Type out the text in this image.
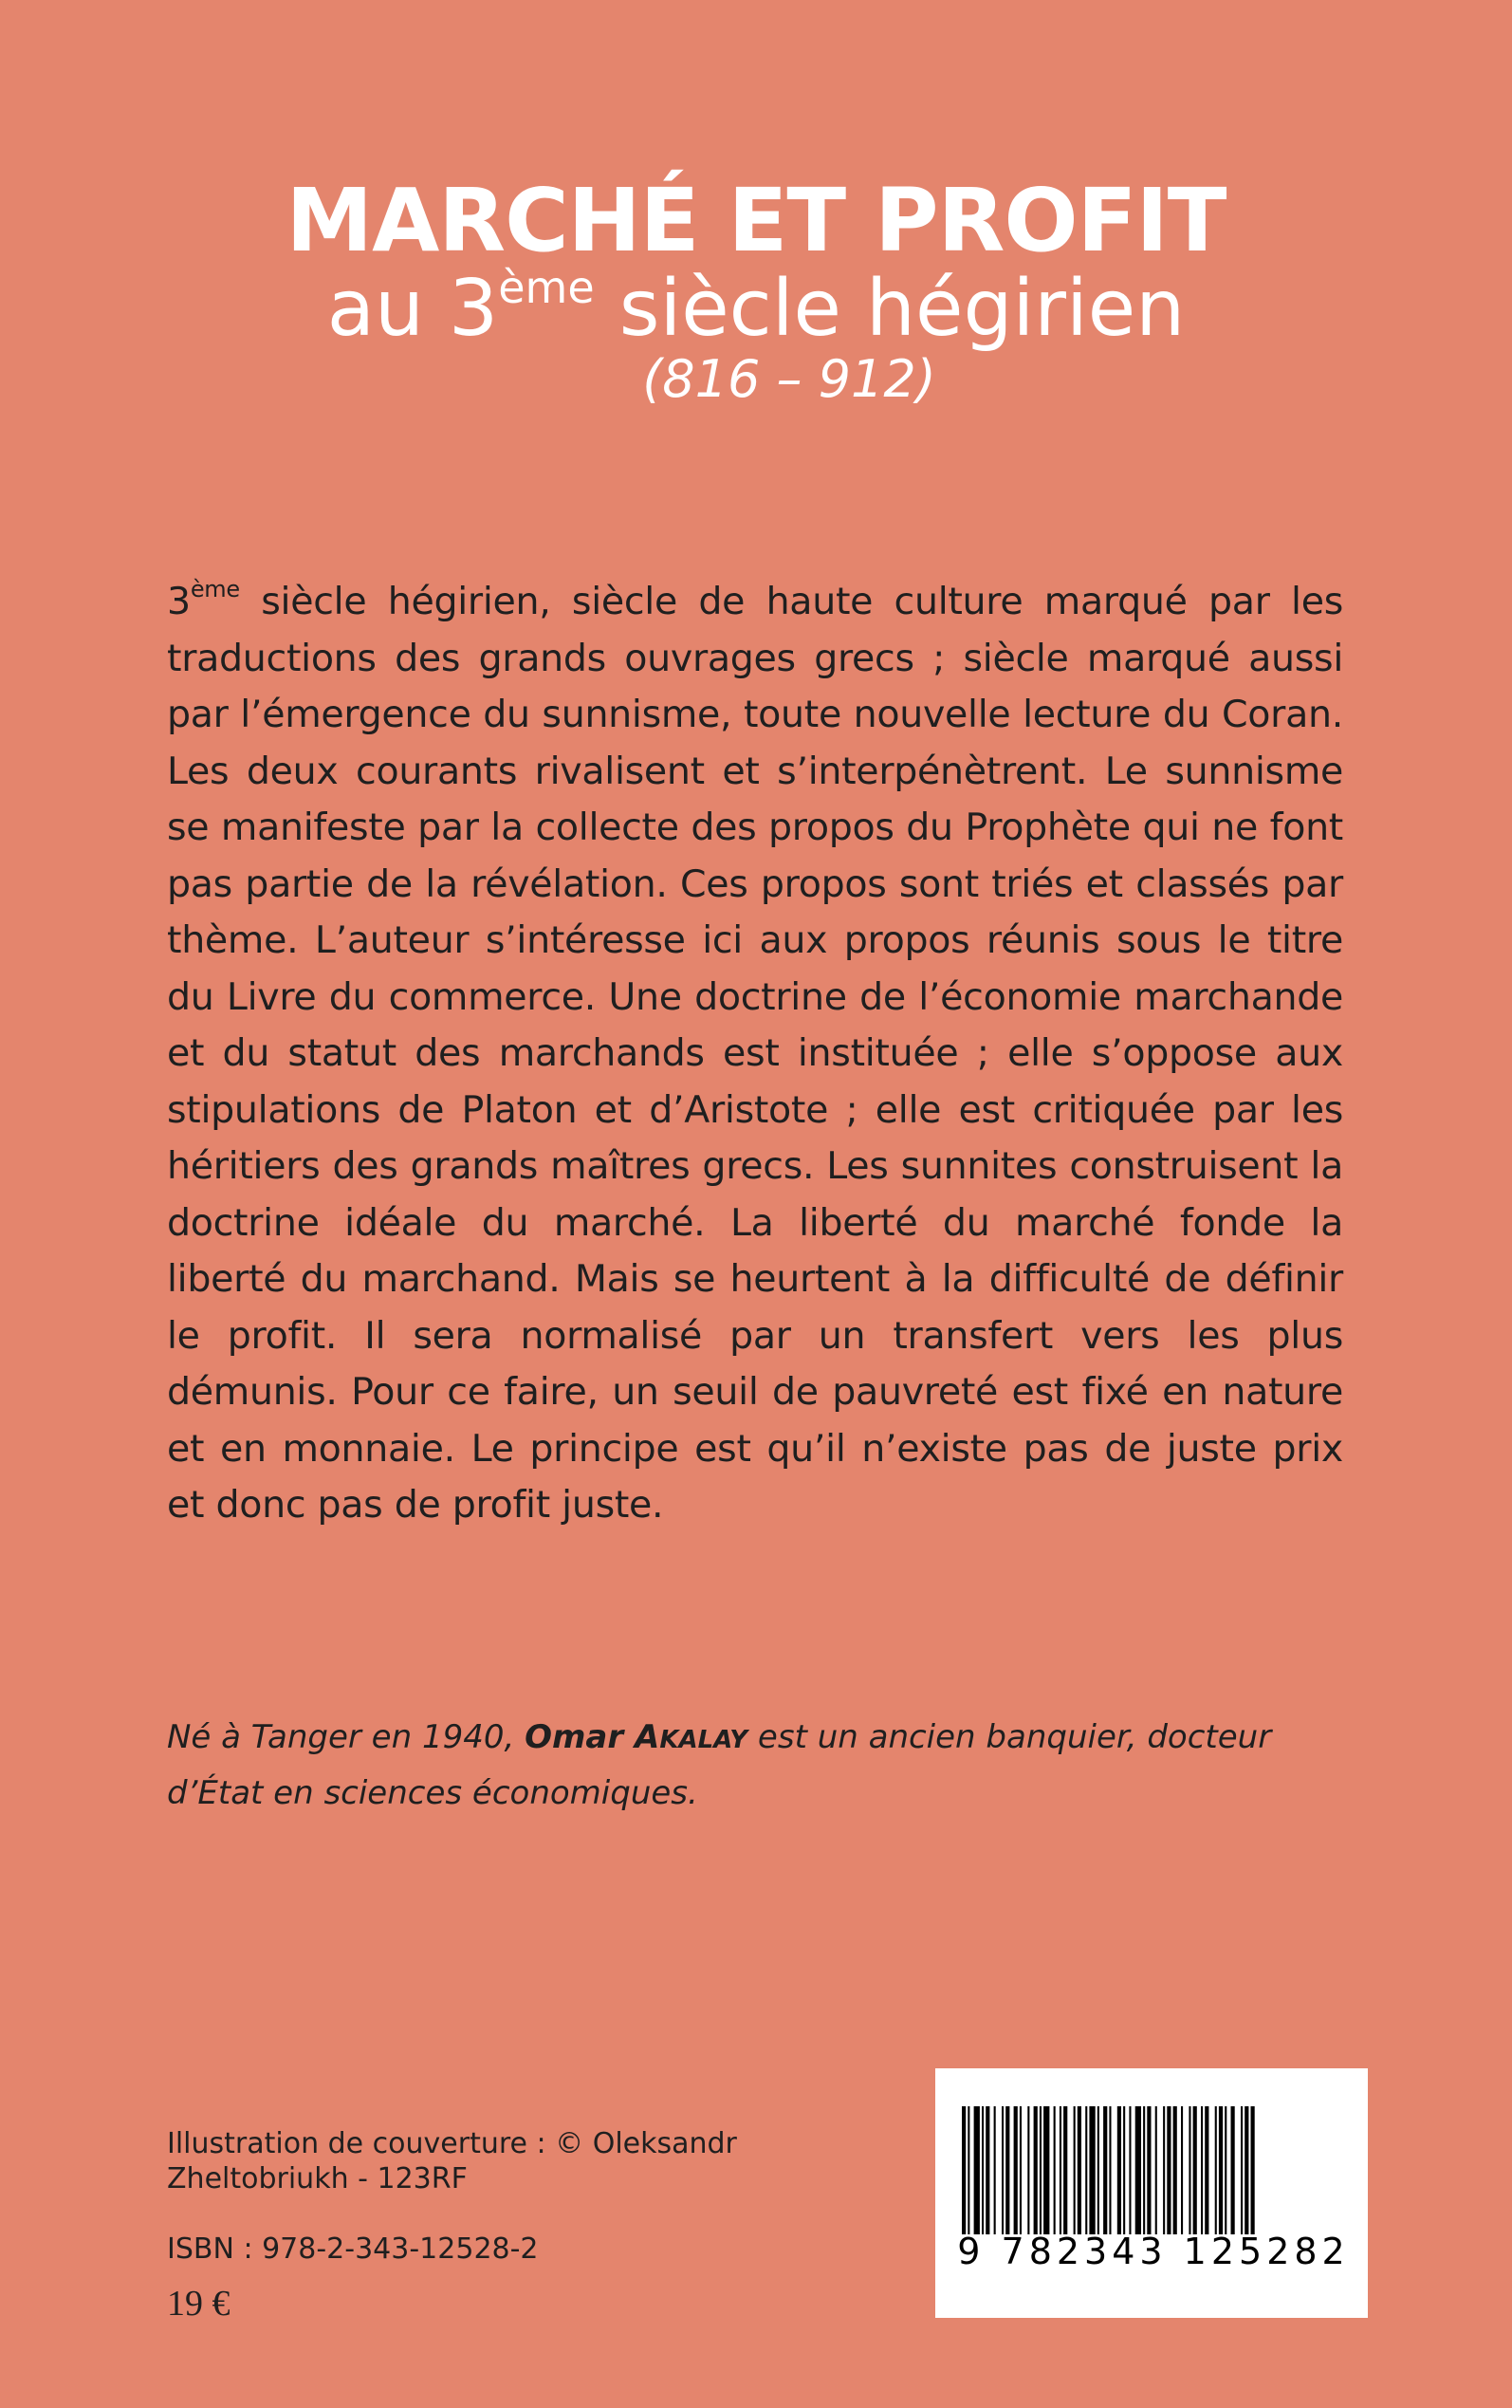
MARCHÉ ET PROFIT
au 3ème siècle hégirien
(816 – 912)
3ème siècle hégirien, siècle de haute culture marqué par les traductions des grands ouvrages grecs ; siècle marqué aussi par l’émergence du sunnisme, toute nouvelle lecture du Coran. Les deux courants rivalisent et s’interpénètrent. Le sunnisme se manifeste par la collecte des propos du Prophète qui ne font pas partie de la révélation. Ces propos sont triés et classés par thème. L’auteur s’intéresse ici aux propos réunis sous le titre du Livre du commerce. Une doctrine de l’économie marchande et du statut des marchands est instituée ; elle s’oppose aux stipulations de Platon et d’Aristote ; elle est critiquée par les héritiers des grands maîtres grecs. Les sunnites construisent la doctrine idéale du marché. La liberté du marché fonde la liberté du marchand. Mais se heurtent à la difficulté de définir le profit. Il sera normalisé par un transfert vers les plus démunis. Pour ce faire, un seuil de pauvreté est fixé en nature et en monnaie. Le principe est qu’il n’existe pas de juste prix et donc pas de profit juste.
Né à Tanger en 1940, Omar AKALAY est un ancien banquier, docteur d’État en sciences économiques.
Illustration de couverture : © Oleksandr Zheltobriukh - 123RF
ISBN : 978-2-343-12528-2
19 €
9 782343 125282
